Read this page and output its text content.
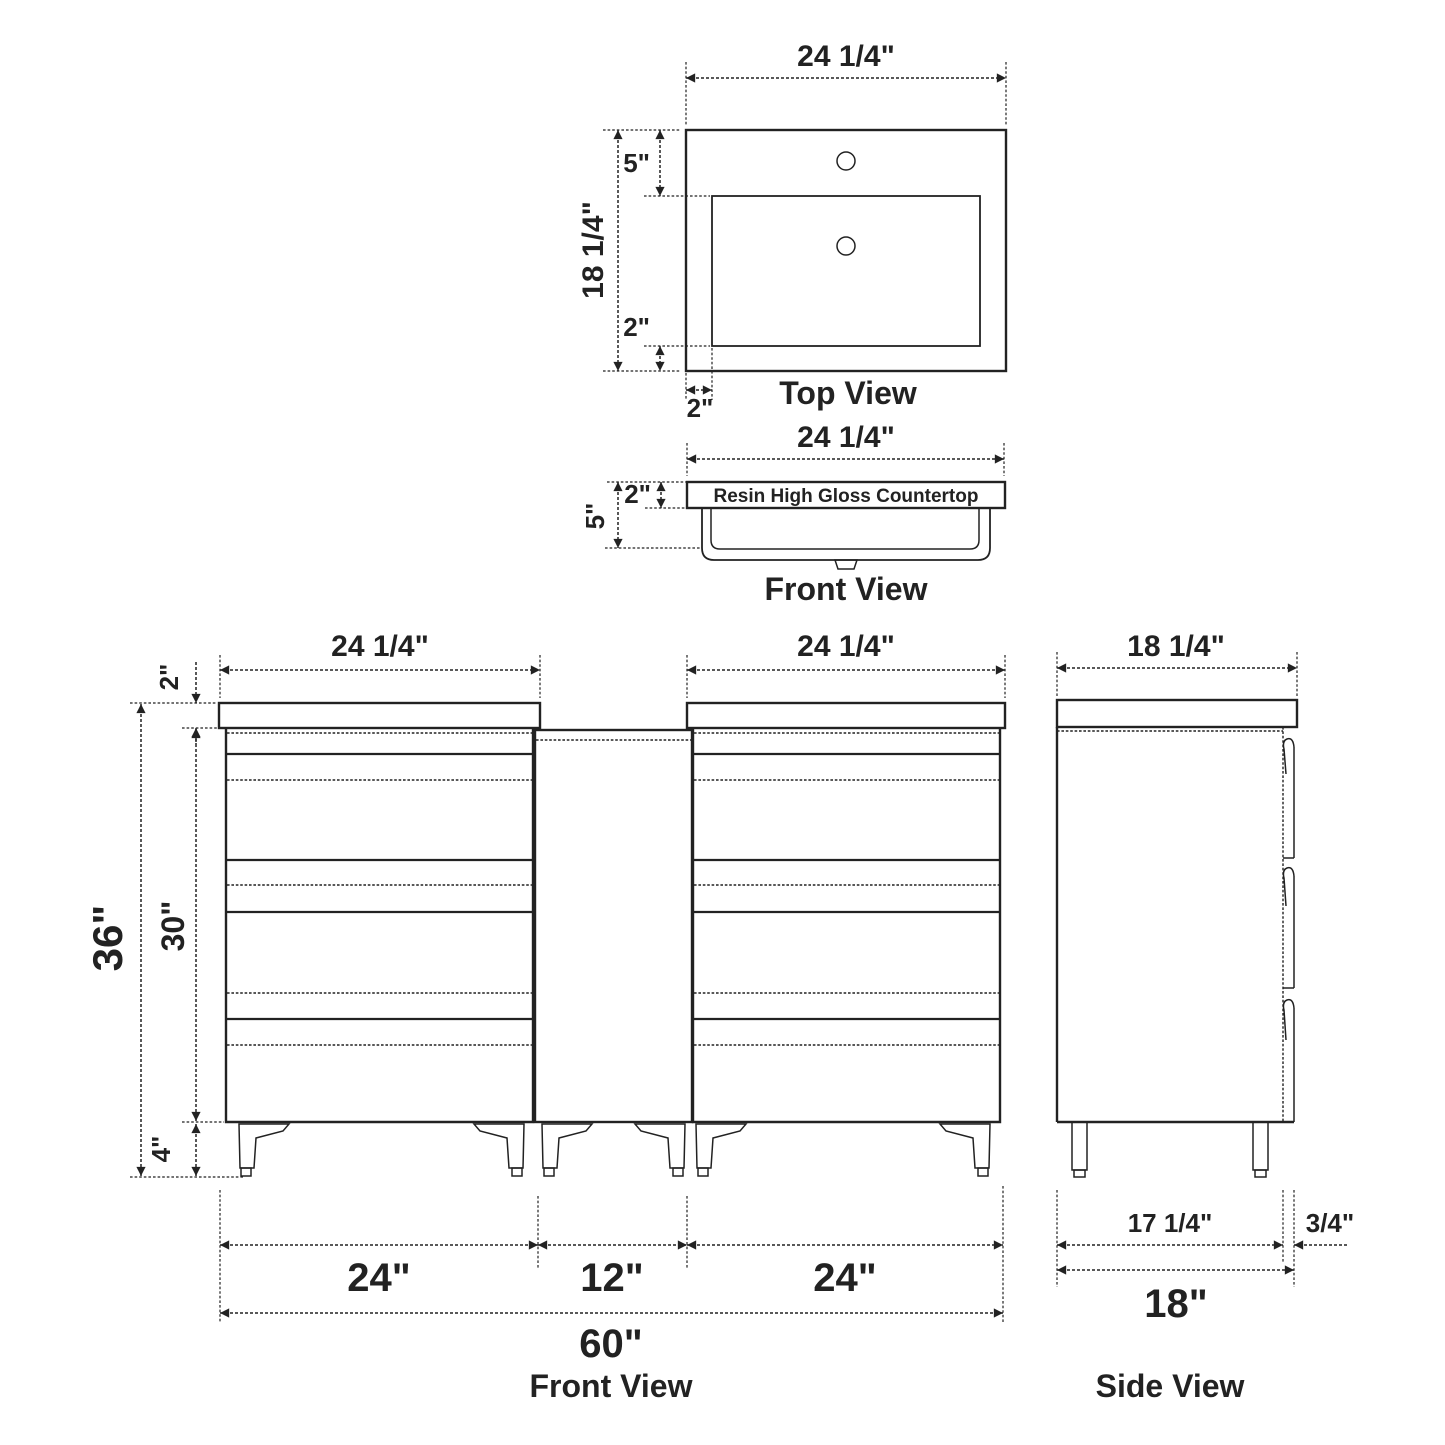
24 1/4"
18 1/4"
5"
2"
2" Top View
24 1/4"
Resin High Gloss Countertop
2"
5"
Front View
24 1/4"	24 1/4"
2"
36" 30"
4"
24"	12"	24"
60"
Front View
18 1/4"
17 1/4"	3/4"
18"
Side View
